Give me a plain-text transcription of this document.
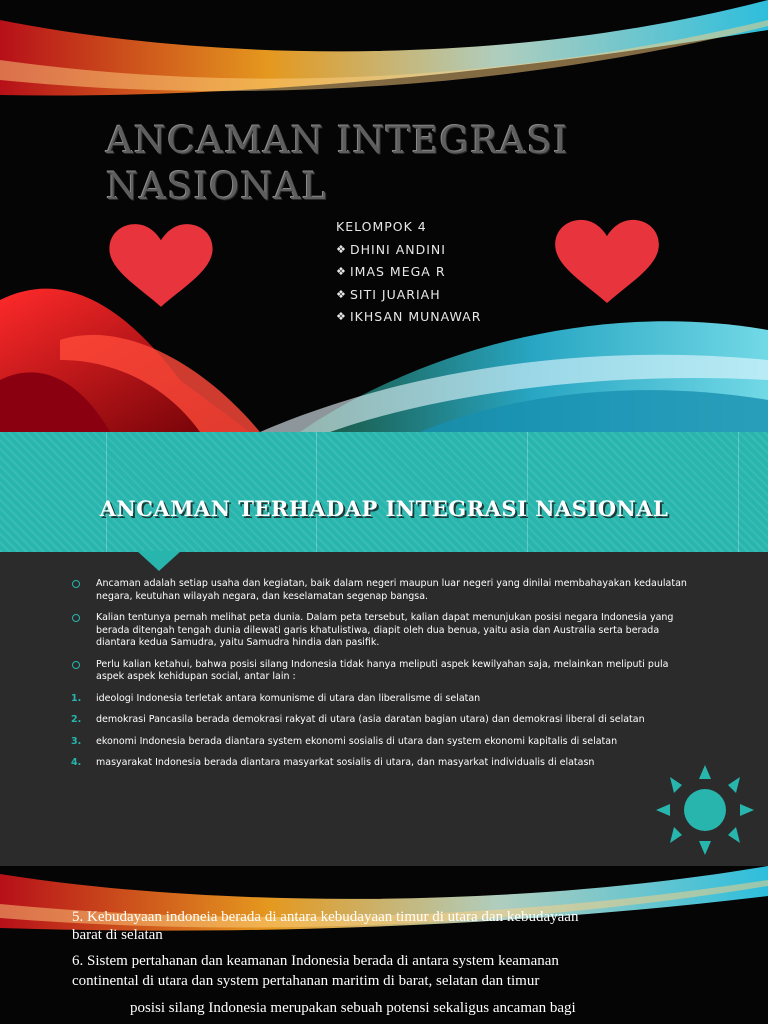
ANCAMAN INTEGRASI
NASIONAL
KELOMPOK 4
❖ DHINI ANDINI
❖ IMAS MEGA R
❖ SITI JUARIAH
❖ IKHSAN MUNAWAR
ANCAMAN TERHADAP INTEGRASI NASIONAL
Ancaman adalah setiap usaha dan kegiatan, baik dalam negeri maupun luar negeri yang dinilai membahayakan kedaulatan negara, keutuhan wilayah negara, dan keselamatan segenap bangsa.
Kalian tentunya pernah melihat peta dunia. Dalam peta tersebut, kalian dapat menunjukan posisi negara Indonesia yang berada ditengah tengah dunia dilewati garis khatulistiwa, diapit oleh dua benua, yaitu asia dan Australia serta berada diantara kedua Samudra, yaitu Samudra hindia dan pasifik.
Perlu kalian ketahui, bahwa posisi silang Indonesia tidak hanya meliputi aspek kewilyahan saja, melainkan meliputi pula aspek aspek kehidupan social, antar lain :
1. ideologi Indonesia terletak antara komunisme di utara dan liberalisme di selatan
2. demokrasi Pancasila berada demokrasi rakyat di utara (asia daratan bagian utara) dan demokrasi liberal di selatan
3. ekonomi Indonesia berada diantara system ekonomi sosialis di utara dan system ekonomi kapitalis di selatan
4. masyarakat Indonesia berada diantara masyarkat sosialis di utara, dan masyarkat individualis di elatasn
5. Kebudayaan indoneia berada di antara kebudayaan timur di utara dan kebudayaan
barat di selatan
6. Sistem pertahanan dan keamanan Indonesia berada di antara system keamanan
continental di utara dan system pertahanan maritim di barat, selatan dan timur
posisi silang Indonesia merupakan sebuah potensi sekaligus ancaman bagi
